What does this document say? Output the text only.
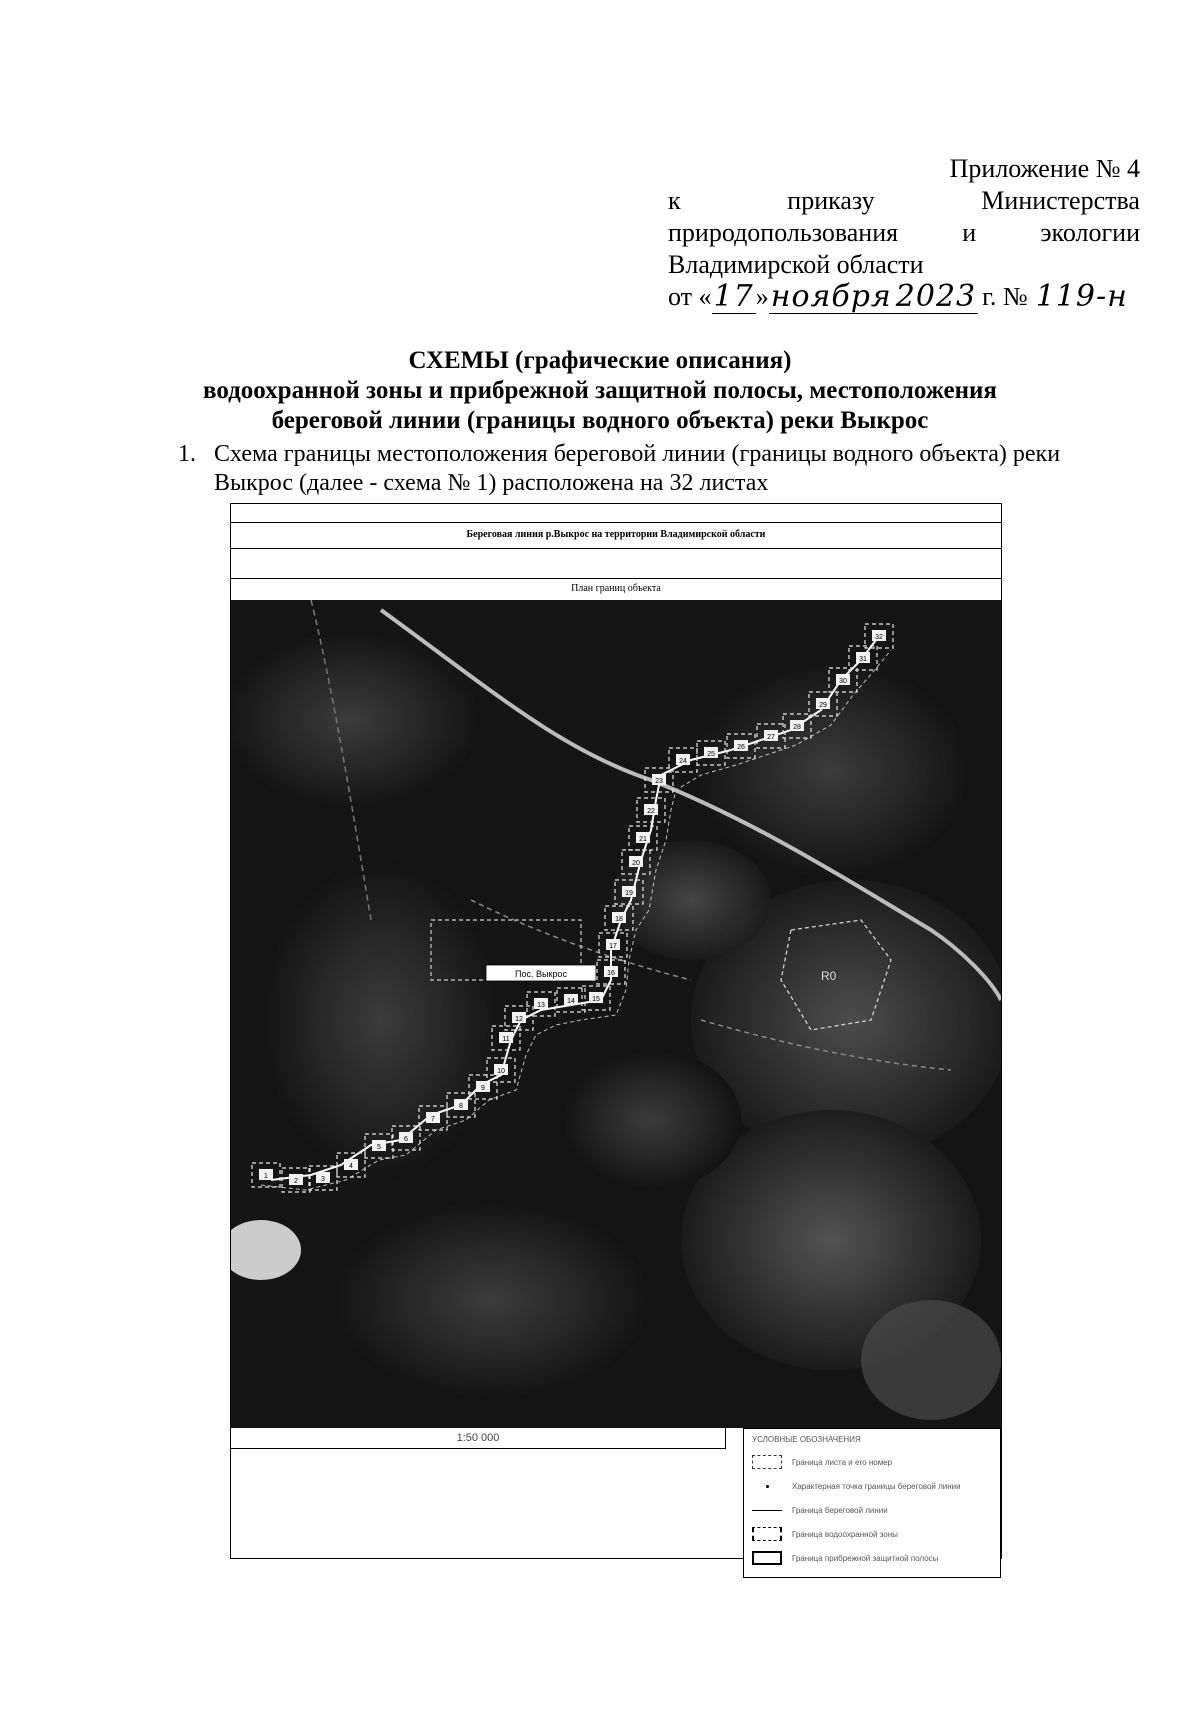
Приложение № 4
к	приказу	Министерства
природопользования и экологии
Владимирской области
от « 17 » ноября 2023 г. № 119-н
СХЕМЫ (графические описания)
водоохранной зоны и прибрежной защитной полосы, местоположения
береговой линии (границы водного объекта) реки Выкрос
1. Схема границы местоположения береговой линии (границы водного объекта) реки Выкрос (далее - схема № 1) расположена на 32 листах
Береговая линия р.Выкрос на территории Владимирской области
План границ объекта
Пос. Выкрос	R0
1
2	3
4
5
6
7
8
9
10
11
12
13
14 15
16
17
18
19
20
21
22
23
24
25
26
27
28
29
30
31
32
1:50 000	УСЛОВНЫЕ ОБОЗНАЧЕНИЯ
Граница листа и его номер
Характерная точка границы береговой линии
Граница береговой линии
Граница водоохранной зоны
Граница прибрежной защитной полосы
